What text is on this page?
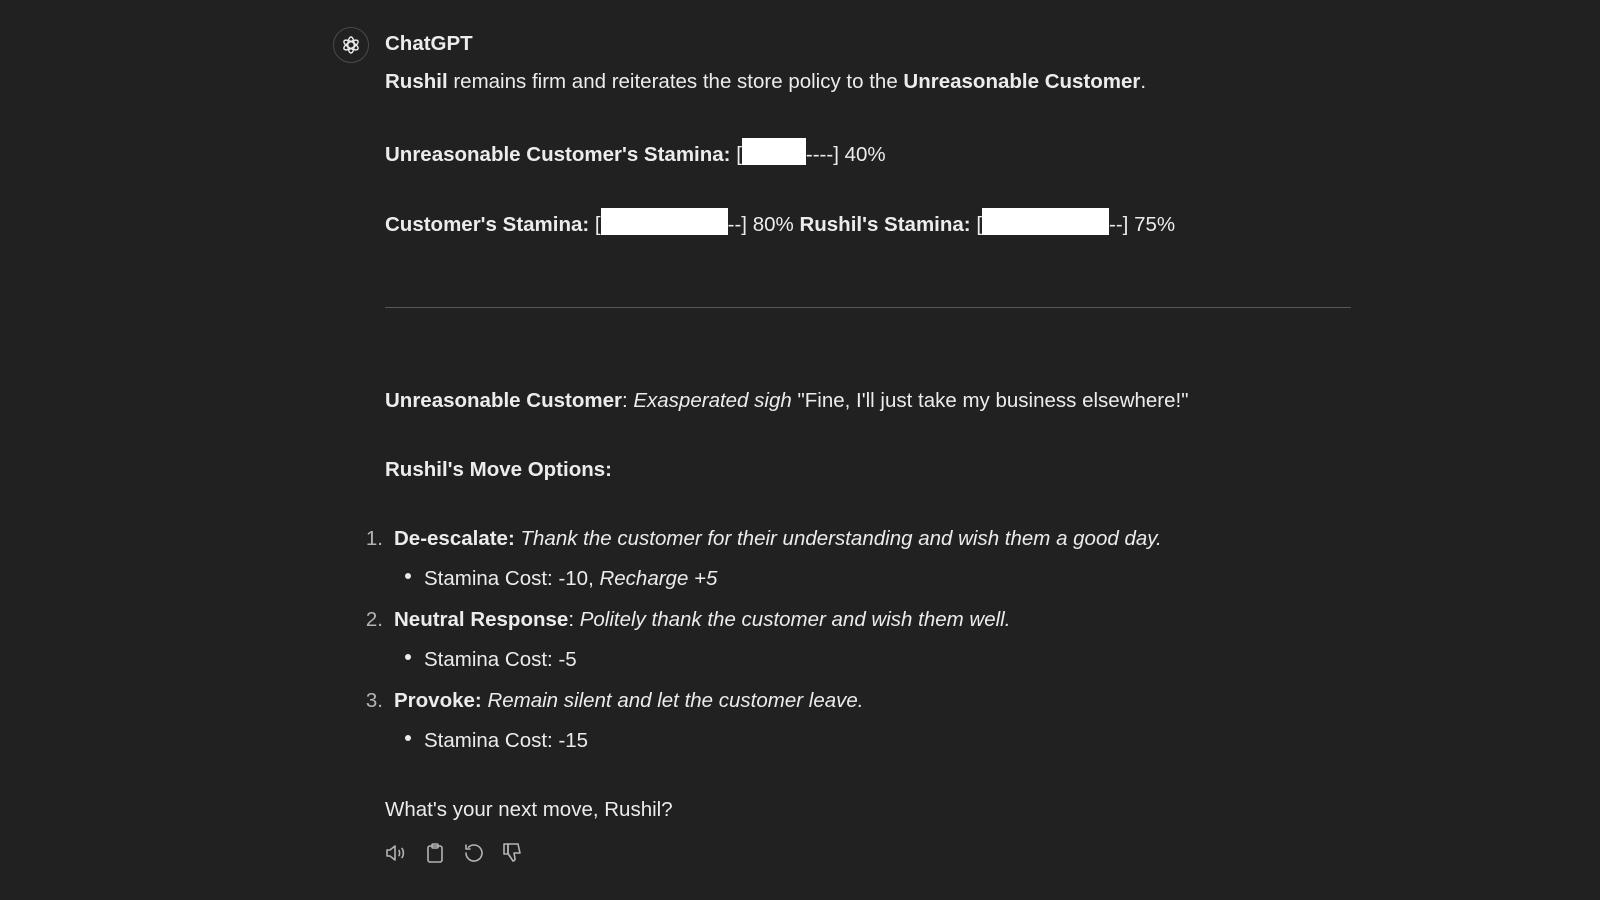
ChatGPT
Rushil remains firm and reiterates the store policy to the Unreasonable Customer.
Unreasonable Customer's Stamina: [	----] 40%
Customer's Stamina: [	--] 80% Rushil's Stamina: [	--] 75%
Unreasonable Customer: Exasperated sigh "Fine, I'll just take my business elsewhere!"
Rushil's Move Options:
1. De-escalate: Thank the customer for their understanding and wish them a good day.
Stamina Cost: -10, Recharge +5
2. Neutral Response: Politely thank the customer and wish them well.
Stamina Cost: -5
3. Provoke: Remain silent and let the customer leave.
Stamina Cost: -15
What's your next move, Rushil?
